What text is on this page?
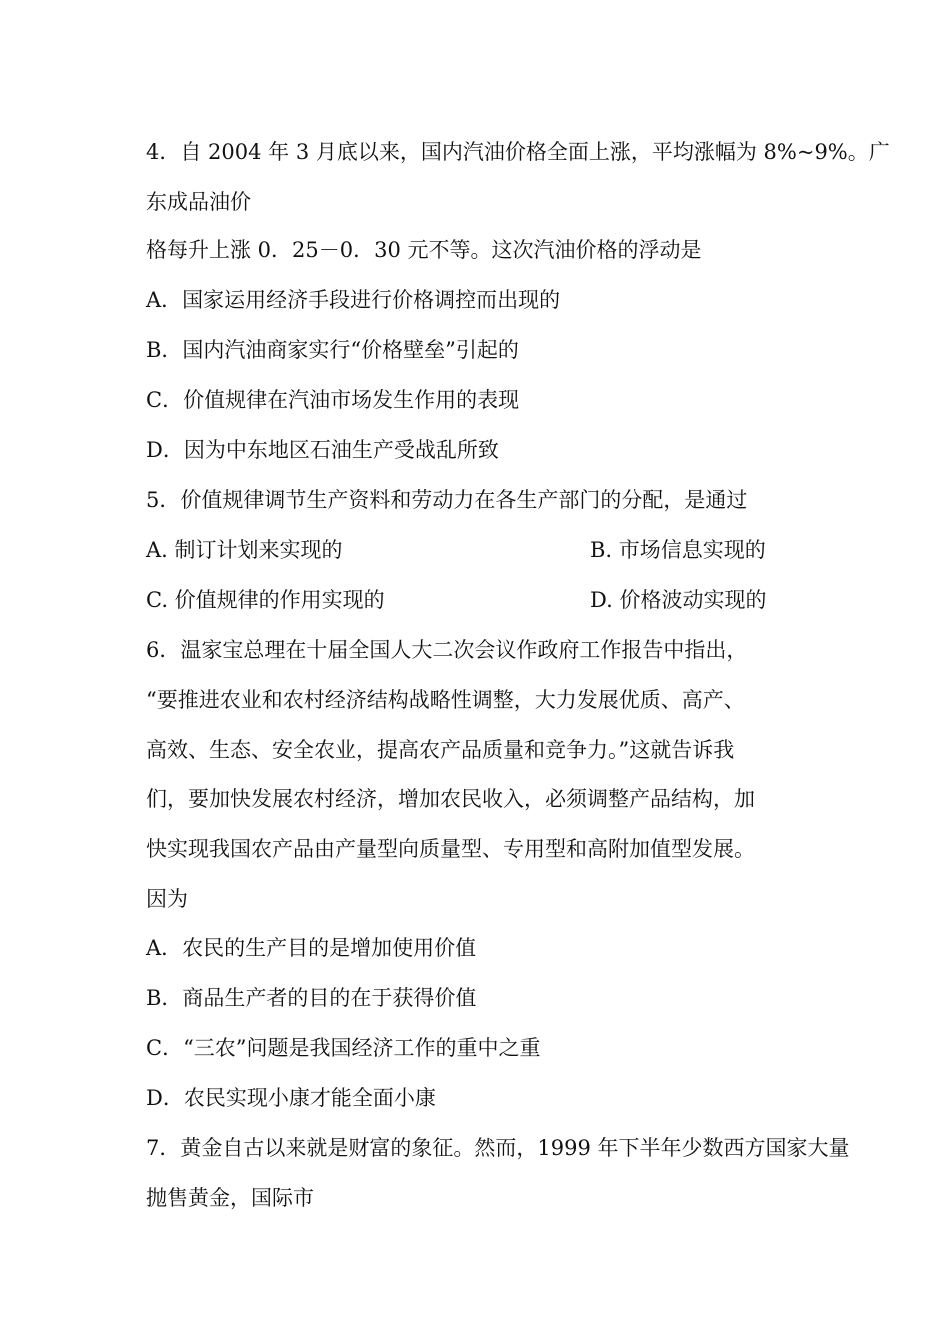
4．自 2004 年 3 月底以来，国内汽油价格全面上涨，平均涨幅为 8%~9%。广
东成品油价
格每升上涨 0．25－0．30 元不等。这次汽油价格的浮动是
A．国家运用经济手段进行价格调控而出现的
B．国内汽油商家实行“价格壁垒”引起的
C．价值规律在汽油市场发生作用的表现
D．因为中东地区石油生产受战乱所致
5．价值规律调节生产资料和劳动力在各生产部门的分配，是通过
A. 制订计划来实现的	B. 市场信息实现的
C. 价值规律的作用实现的	D. 价格波动实现的
6．温家宝总理在十届全国人大二次会议作政府工作报告中指出，
“要推进农业和农村经济结构战略性调整，大力发展优质、高产、
高效、生态、安全农业，提高农产品质量和竞争力。”这就告诉我
们，要加快发展农村经济，增加农民收入，必须调整产品结构，加
快实现我国农产品由产量型向质量型、专用型和高附加值型发展。
因为
A．农民的生产目的是增加使用价值
B．商品生产者的目的在于获得价值
C．“三农”问题是我国经济工作的重中之重
D．农民实现小康才能全面小康
7．黄金自古以来就是财富的象征。然而，1999 年下半年少数西方国家大量
抛售黄金，国际市
